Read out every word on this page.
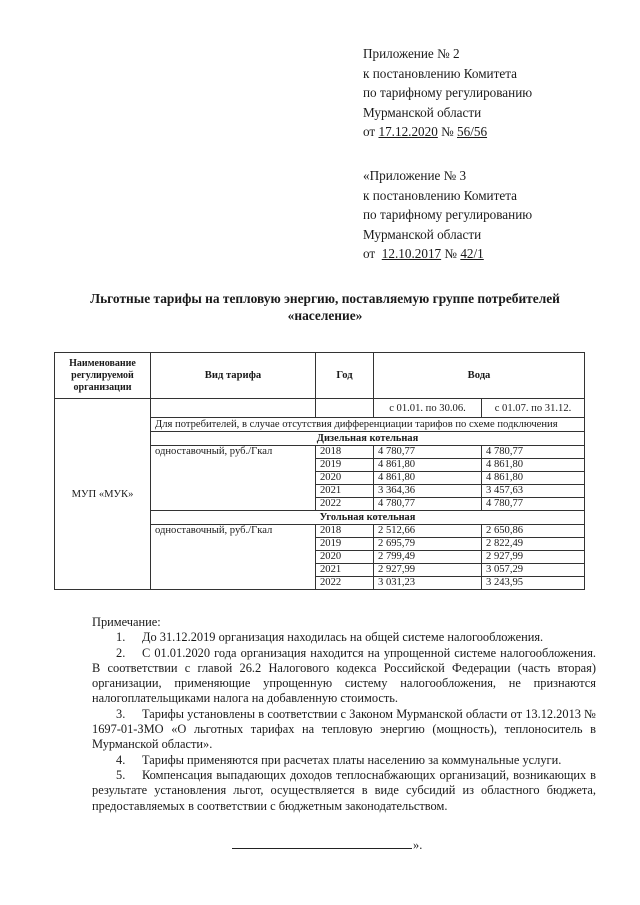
Приложение № 2
к постановлению Комитета
по тарифному регулированию
Мурманской области
от 17.12.2020 № 56/56
«Приложение № 3
к постановлению Комитета
по тарифному регулированию
Мурманской области
от 12.10.2017 № 42/1
Льготные тарифы на тепловую энергию, поставляемую группе потребителей
«население»
Наименование регулируемой организации	Вид тарифа	Год	Вода	
МУП «МУК»			с 01.01. по 30.06.	с 01.07. по 31.12.
	Для потребителей, в случае отсутствия дифференциации тарифов по схеме подключения			
	Дизельная котельная			
	одноставочный, руб./Гкал	2018	4 780,77	4 780,77
		2019	4 861,80	4 861,80
		2020	4 861,80	4 861,80
		2021	3 364,36	3 457,63
		2022	4 780,77	4 780,77
	Угольная котельная			
	одноставочный, руб./Гкал	2018	2 512,66	2 650,86
		2019	2 695,79	2 822,49
		2020	2 799,49	2 927,99
		2021	2 927,99	3 057,29
		2022	3 031,23	3 243,95

Примечание:

1. До 31.12.2019 организация находилась на общей системе налогообложения.

2. С 01.01.2020 года организация находится на упрощенной системе налогообложения. В соответствии с главой 26.2 Налогового кодекса Российской Федерации (часть вторая) организации, применяющие упрощенную систему налогообложения, не признаются налогоплательщиками налога на добавленную стоимость.

3. Тарифы установлены в соответствии с Законом Мурманской области от 13.12.2013 № 1697-01-ЗМО «О льготных тарифах на тепловую энергию (мощность), теплоноситель в Мурманской области».

4. Тарифы применяются при расчетах платы населению за коммунальные услуги.

5. Компенсация выпадающих доходов теплоснабжающих организаций, возникающих в результате установления льгот, осуществляется в виде субсидий из областного бюджета, предоставляемых в соответствии с бюджетным законодательством.

».
